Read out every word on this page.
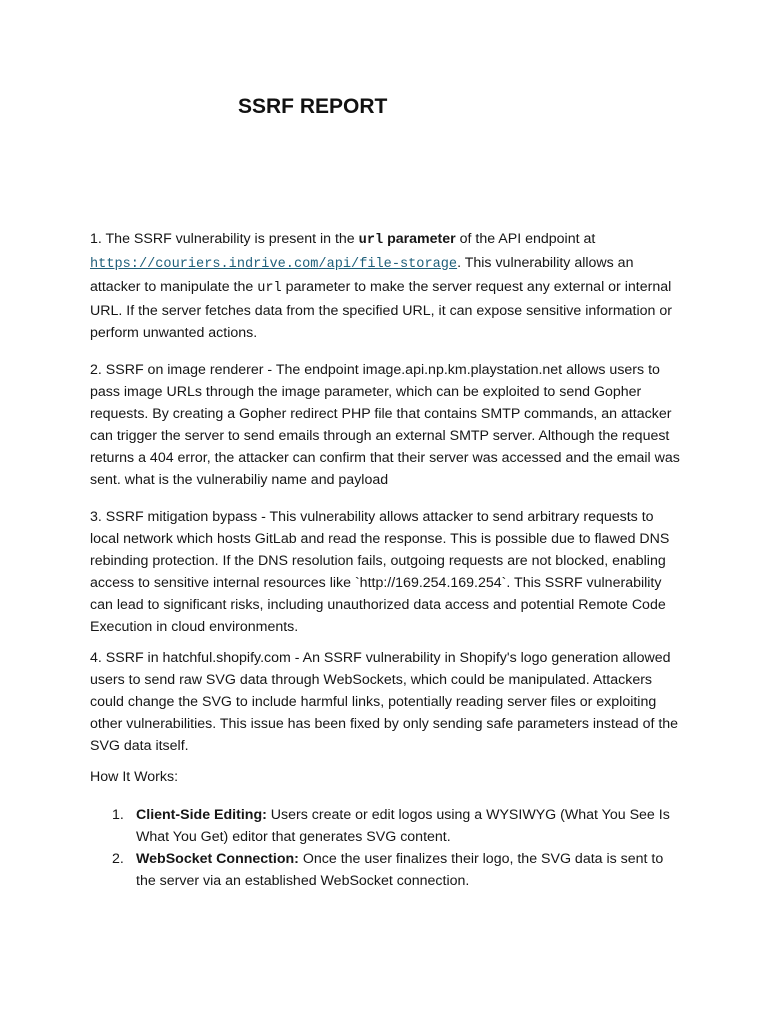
SSRF REPORT

1. The SSRF vulnerability is present in the url parameter of the API endpoint at https://couriers.indrive.com/api/file-storage. This vulnerability allows an attacker to manipulate the url parameter to make the server request any external or internal URL. If the server fetches data from the specified URL, it can expose sensitive information or perform unwanted actions.

2. SSRF on image renderer - The endpoint image.api.np.km.playstation.net allows users to pass image URLs through the image parameter, which can be exploited to send Gopher requests. By creating a Gopher redirect PHP file that contains SMTP commands, an attacker can trigger the server to send emails through an external SMTP server. Although the request returns a 404 error, the attacker can confirm that their server was accessed and the email was sent. what is the vulnerabiliy name and payload

3. SSRF mitigation bypass - This vulnerability allows attacker to send arbitrary requests to local network which hosts GitLab and read the response. This is possible due to flawed DNS rebinding protection. If the DNS resolution fails, outgoing requests are not blocked, enabling access to sensitive internal resources like `http://169.254.169.254`. This SSRF vulnerability can lead to significant risks, including unauthorized data access and potential Remote Code Execution in cloud environments.

4. SSRF in hatchful.shopify.com - An SSRF vulnerability in Shopify's logo generation allowed users to send raw SVG data through WebSockets, which could be manipulated. Attackers could change the SVG to include harmful links, potentially reading server files or exploiting other vulnerabilities. This issue has been fixed by only sending safe parameters instead of the SVG data itself.

How It Works:

1. Client-Side Editing: Users create or edit logos using a WYSIWYG (What You See Is What You Get) editor that generates SVG content.
2. WebSocket Connection: Once the user finalizes their logo, the SVG data is sent to the server via an established WebSocket connection.
